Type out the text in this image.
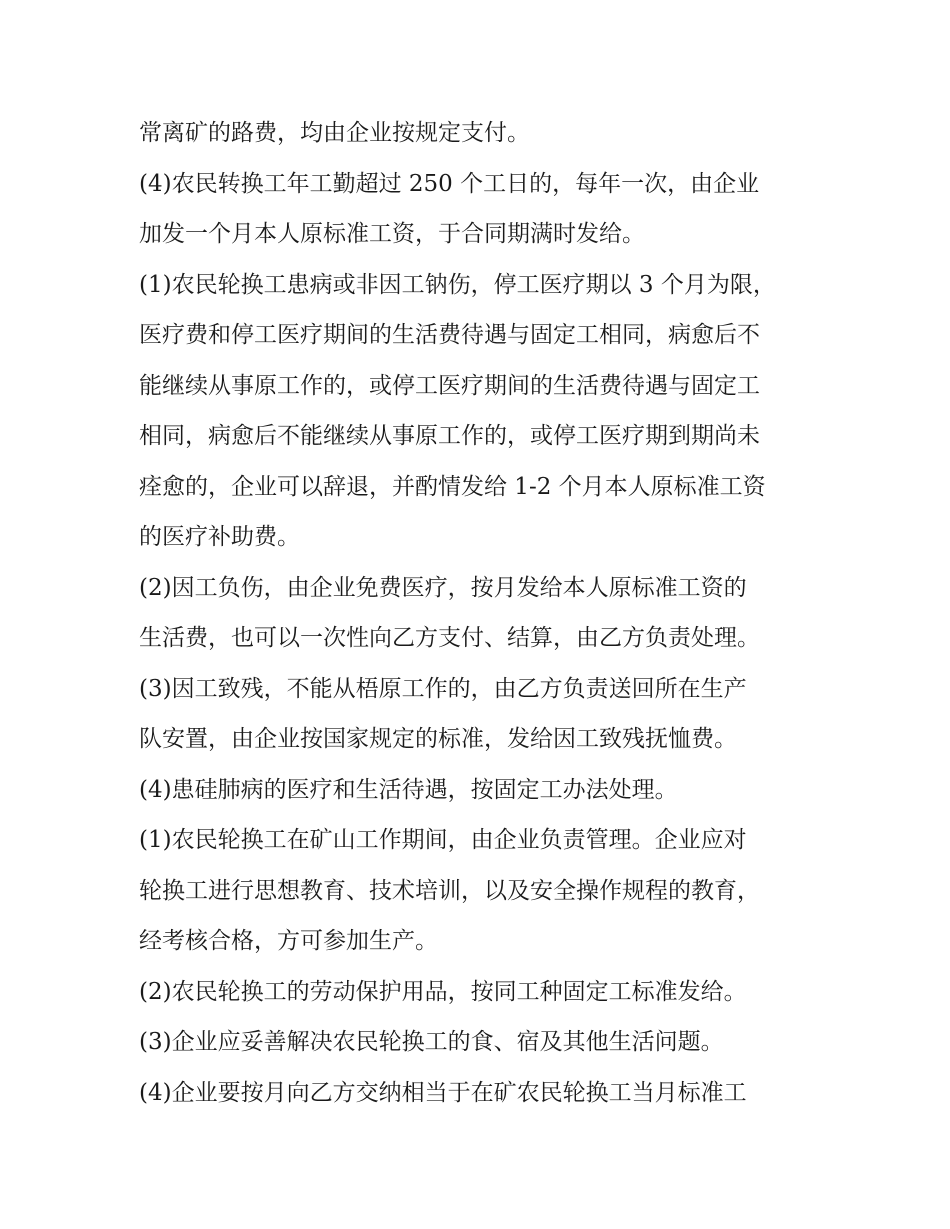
常离矿的路费，均由企业按规定支付。
(4)农民转换工年工勤超过 250 个工日的，每年一次，由企业
加发一个月本人原标准工资，于合同期满时发给。
(1)农民轮换工患病或非因工钠伤，停工医疗期以 3 个月为限，
医疗费和停工医疗期间的生活费待遇与固定工相同，病愈后不
能继续从事原工作的，或停工医疗期间的生活费待遇与固定工
相同，病愈后不能继续从事原工作的，或停工医疗期到期尚未
痊愈的，企业可以辞退，并酌情发给 1-2 个月本人原标准工资
的医疗补助费。
(2)因工负伤，由企业免费医疗，按月发给本人原标准工资的
生活费，也可以一次性向乙方支付、结算，由乙方负责处理。
(3)因工致残，不能从梧原工作的，由乙方负责送回所在生产
队安置，由企业按国家规定的标准，发给因工致残抚恤费。
(4)患硅肺病的医疗和生活待遇，按固定工办法处理。
(1)农民轮换工在矿山工作期间，由企业负责管理。企业应对
轮换工进行思想教育、技术培训，以及安全操作规程的教育，
经考核合格，方可参加生产。
(2)农民轮换工的劳动保护用品，按同工种固定工标准发给。
(3)企业应妥善解决农民轮换工的食、宿及其他生活问题。
(4)企业要按月向乙方交纳相当于在矿农民轮换工当月标准工
